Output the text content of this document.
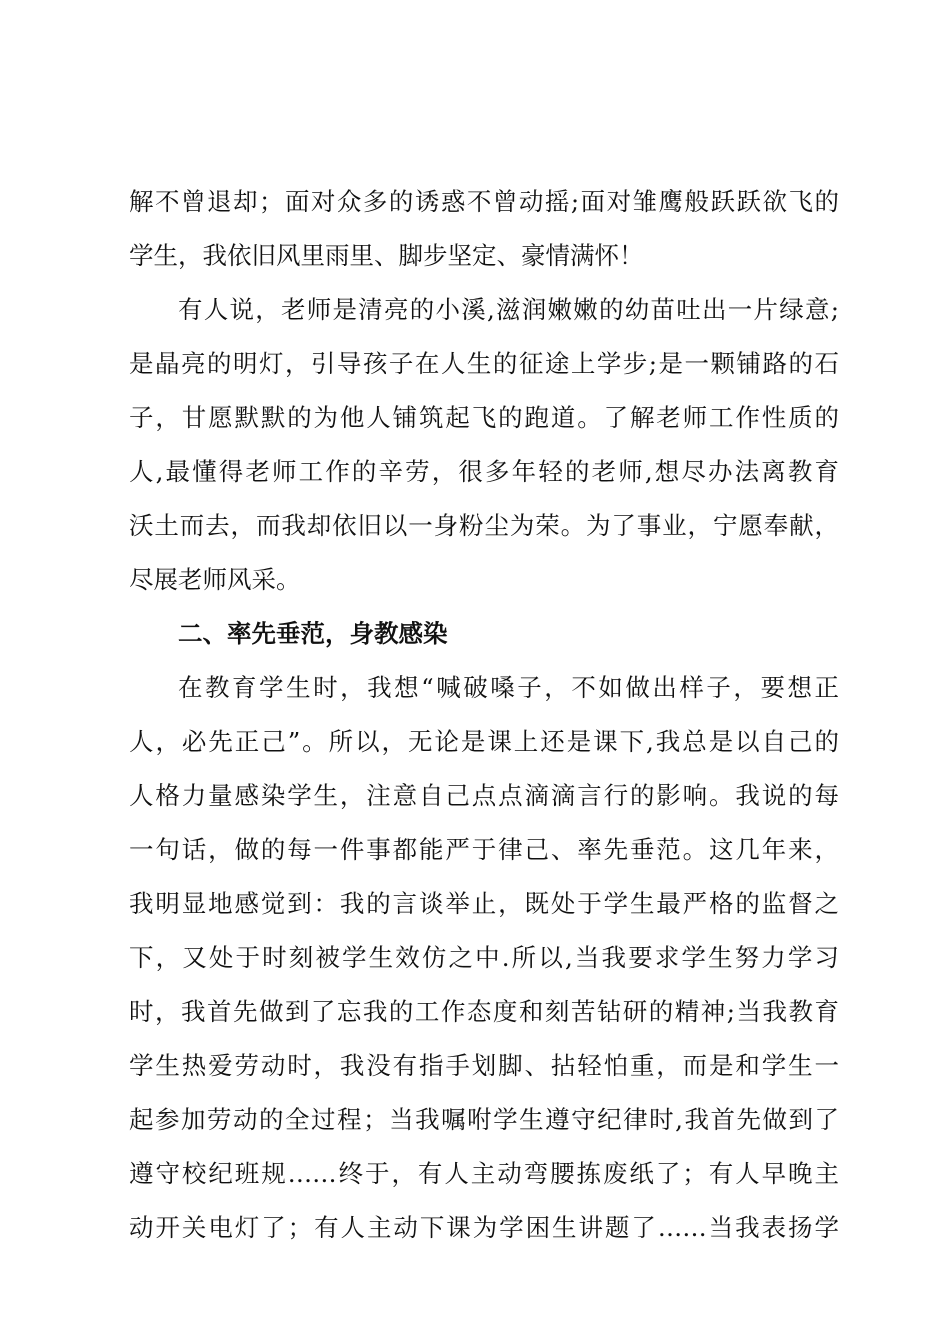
解不曾退却；面对众多的诱惑不曾动摇;面对雏鹰般跃跃欲飞的
学生，我依旧风里雨里、脚步坚定、豪情满怀！
有人说，老师是清亮的小溪,滋润嫩嫩的幼苗吐出一片绿意;
是晶亮的明灯，引导孩子在人生的征途上学步;是一颗铺路的石
子，甘愿默默的为他人铺筑起飞的跑道。了解老师工作性质的
人,最懂得老师工作的辛劳，很多年轻的老师,想尽办法离教育
沃土而去，而我却依旧以一身粉尘为荣。为了事业，宁愿奉献，
尽展老师风采。
二、率先垂范，身教感染
在教育学生时，我想“喊破嗓子，不如做出样子，要想正
人，必先正己”。所以，无论是课上还是课下,我总是以自己的
人格力量感染学生，注意自己点点滴滴言行的影响。我说的每
一句话，做的每一件事都能严于律己、率先垂范。这几年来，
我明显地感觉到：我的言谈举止，既处于学生最严格的监督之
下，又处于时刻被学生效仿之中.所以,当我要求学生努力学习
时，我首先做到了忘我的工作态度和刻苦钻研的精神;当我教育
学生热爱劳动时，我没有指手划脚、拈轻怕重，而是和学生一
起参加劳动的全过程；当我嘱咐学生遵守纪律时,我首先做到了
遵守校纪班规……终于，有人主动弯腰拣废纸了；有人早晚主
动开关电灯了；有人主动下课为学困生讲题了……当我表扬学
